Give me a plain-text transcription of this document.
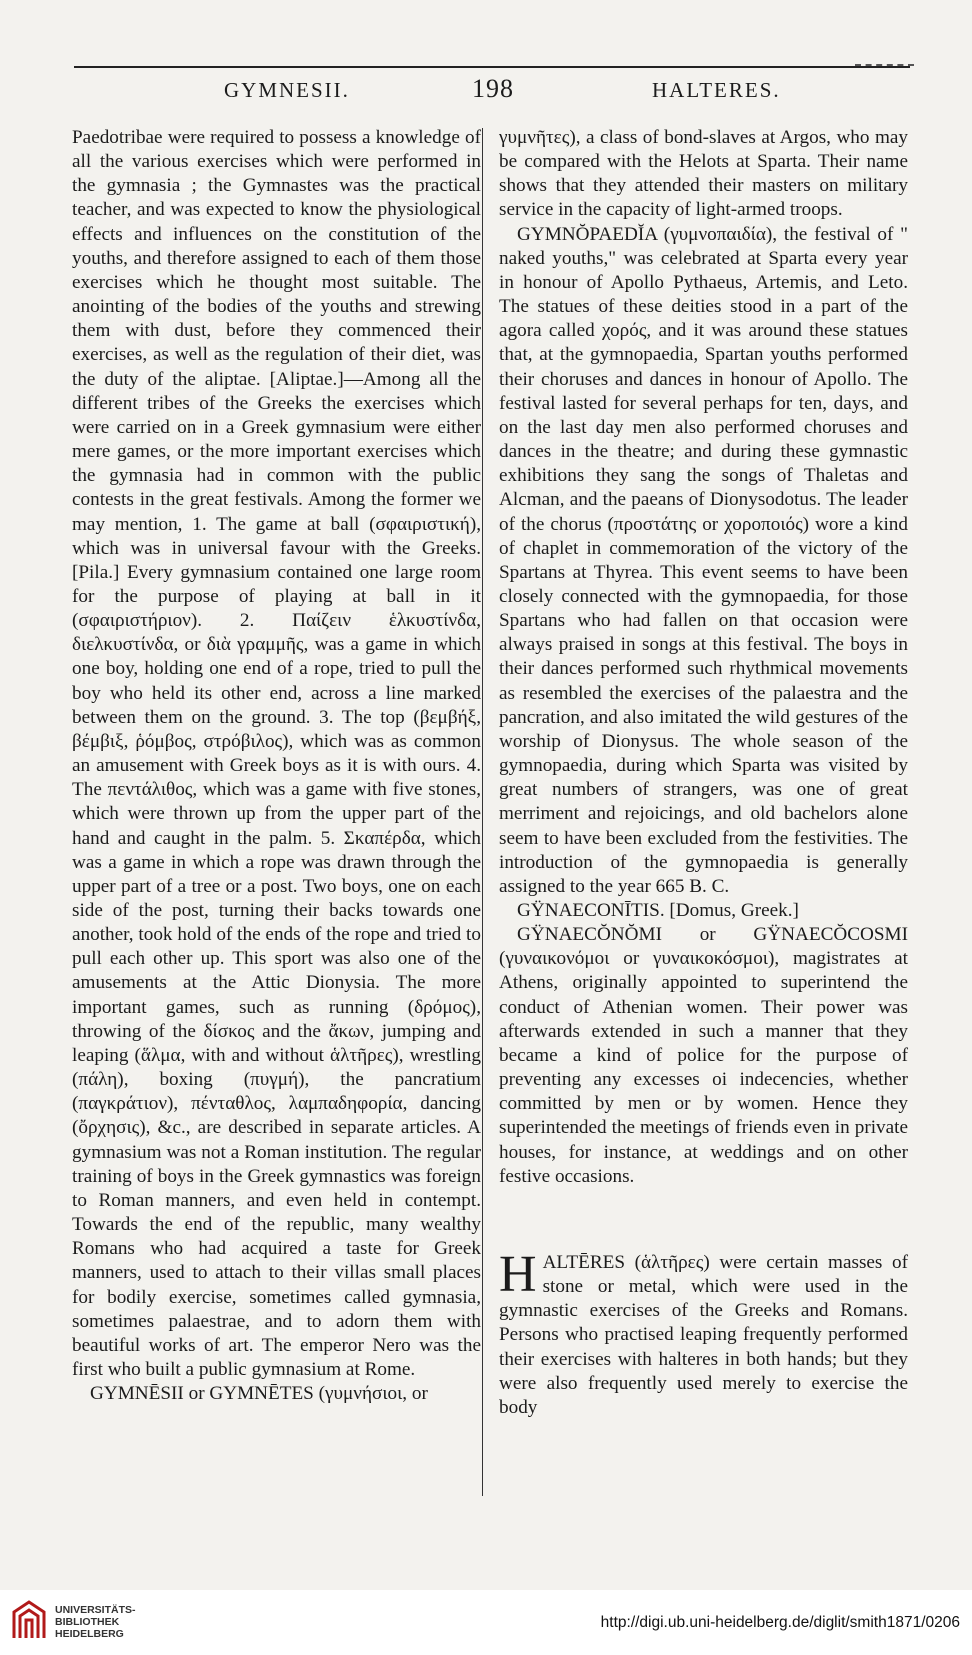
GYMNESII.	198	HALTERES.

Paedotribae were required to possess a knowledge of all the various exercises which were performed in the gymnasia ; the Gymnastes was the practical teacher, and was expected to know the physiological effects and influences on the constitution of the youths, and therefore assigned to each of them those exercises which he thought most suitable. The anointing of the bodies of the youths and strewing them with dust, before they commenced their exercises, as well as the regulation of their diet, was the duty of the aliptae. [Aliptae.]—Among all the different tribes of the Greeks the exercises which were carried on in a Greek gymnasium were either mere games, or the more important exercises which the gymnasia had in common with the public contests in the great festivals. Among the former we may mention, 1. The game at ball (σφαιριστική), which was in universal favour with the Greeks. [Pila.] Every gymnasium contained one large room for the purpose of playing at ball in it (σφαιριστήριον). 2. Παίζειν ἑλκυστίνδα, διελκυστίνδα, or διὰ γραμμῆς, was a game in which one boy, holding one end of a rope, tried to pull the boy who held its other end, across a line marked between them on the ground. 3. The top (βεμβήξ, βέμβιξ, ῥόμβος, στρόβιλος), which was as common an amusement with Greek boys as it is with ours. 4. The πεντάλιθος, which was a game with five stones, which were thrown up from the upper part of the hand and caught in the palm. 5. Σκαπέρδα, which was a game in which a rope was drawn through the upper part of a tree or a post. Two boys, one on each side of the post, turning their backs towards one another, took hold of the ends of the rope and tried to pull each other up. This sport was also one of the amusements at the Attic Dionysia. The more important games, such as running (δρόμος), throwing of the δίσκος and the ἄκων, jumping and leaping (ἅλμα, with and without ἁλτῆρες), wrestling (πάλη), boxing (πυγμή), the pancratium (παγκράτιον), πένταθλος, λαμπαδηφορία, dancing (ὄρχησις), &c., are described in separate articles. A gymnasium was not a Roman institution. The regular training of boys in the Greek gymnastics was foreign to Roman manners, and even held in contempt. Towards the end of the republic, many wealthy Romans who had acquired a taste for Greek manners, used to attach to their villas small places for bodily exercise, sometimes called gymnasia, sometimes palaestrae, and to adorn them with beautiful works of art. The emperor Nero was the first who built a public gymnasium at Rome.

GYMNĒSII or GYMNĒTES (γυμνήσιοι, or

γυμνῆτες), a class of bond-slaves at Argos, who may be compared with the Helots at Sparta. Their name shows that they attended their masters on military service in the capacity of light-armed troops.

GYMNŎPAEDĬA (γυμνοπαιδία), the festival of " naked youths," was celebrated at Sparta every year in honour of Apollo Pythaeus, Artemis, and Leto. The statues of these deities stood in a part of the agora called χορός, and it was around these statues that, at the gymnopaedia, Spartan youths performed their choruses and dances in honour of Apollo. The festival lasted for several perhaps for ten, days, and on the last day men also performed choruses and dances in the theatre; and during these gymnastic exhibitions they sang the songs of Thaletas and Alcman, and the paeans of Dionysodotus. The leader of the chorus (προστάτης or χοροποιός) wore a kind of chaplet in commemoration of the victory of the Spartans at Thyrea. This event seems to have been closely connected with the gymnopaedia, for those Spartans who had fallen on that occasion were always praised in songs at this festival. The boys in their dances performed such rhythmical movements as resembled the exercises of the palaestra and the pancration, and also imitated the wild gestures of the worship of Dionysus. The whole season of the gymnopaedia, during which Sparta was visited by great numbers of strangers, was one of great merriment and rejoicings, and old bachelors alone seem to have been excluded from the festivities. The introduction of the gymnopaedia is generally assigned to the year 665 B. C.

GŸNAECONĪTIS. [Domus, Greek.]

GŸNAECŎNŎMI or GŸNAECŎCOSMI (γυναικονόμοι or γυναικοκόσμοι), magistrates at Athens, originally appointed to superintend the conduct of Athenian women. Their power was afterwards extended in such a manner that they became a kind of police for the purpose of preventing any excesses oi indecencies, whether committed by men or by women. Hence they superintended the meetings of friends even in private houses, for instance, at weddings and on other festive occasions.

HALTĒRES (ἁλτῆρες) were certain masses of stone or metal, which were used in the gymnastic exercises of the Greeks and Romans. Persons who practised leaping frequently performed their exercises with halteres in both hands; but they were also frequently used merely to exercise the body

UNIVERSITÄTS-
BIBLIOTHEK
HEIDELBERG
http://digi.ub.uni-heidelberg.de/diglit/smith1871/0206
